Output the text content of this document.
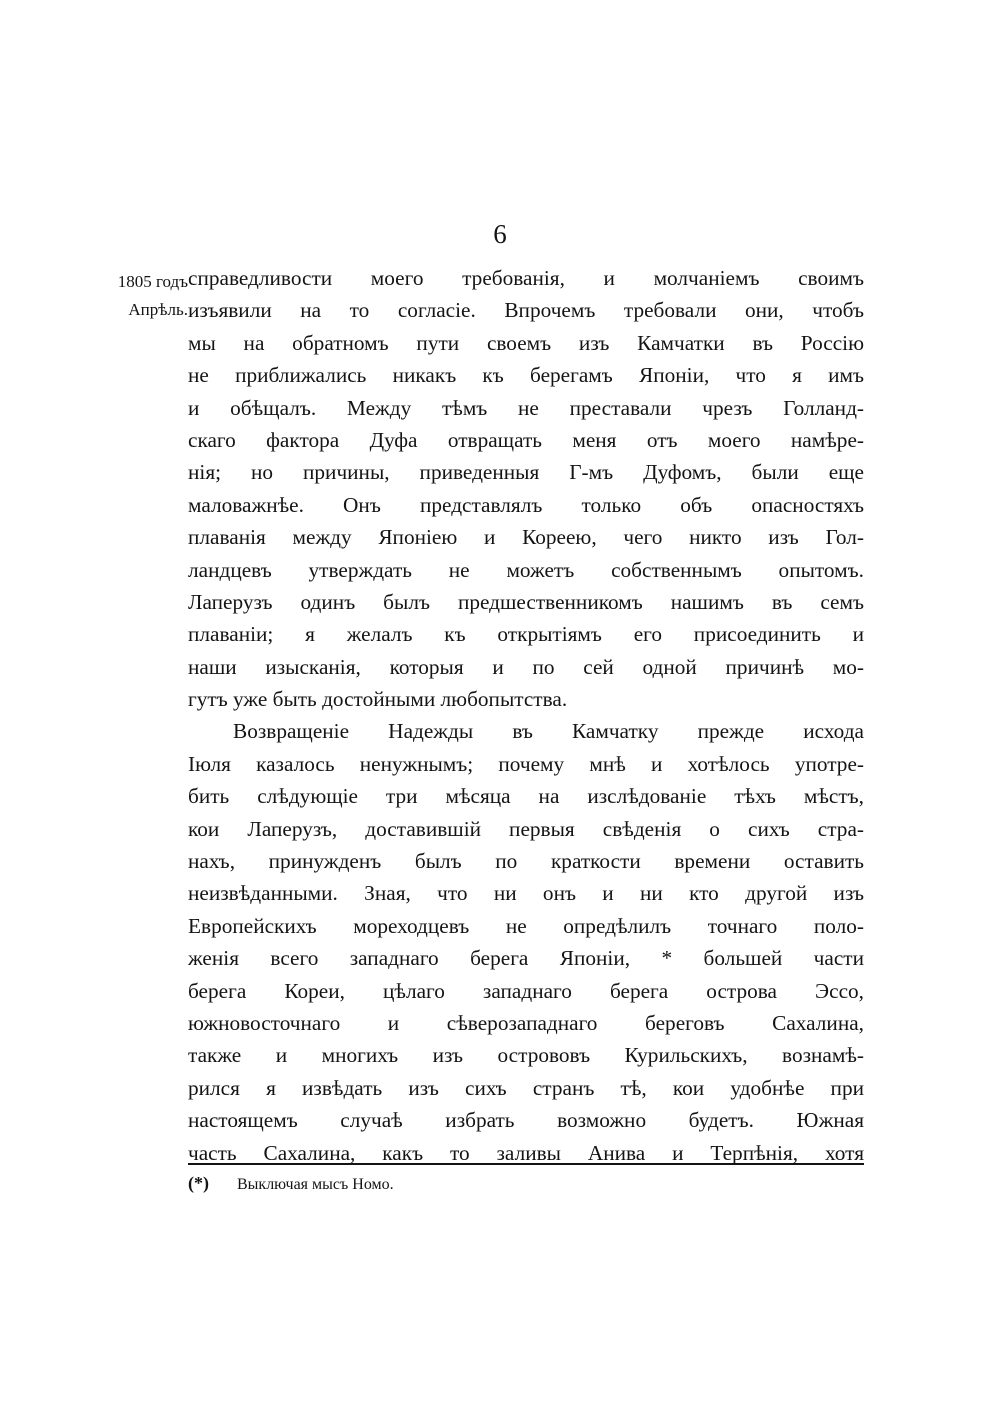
6
1805 годъ
Апрѣль.
справедливости моего требованія, и молчаніемъ своимъ
изъявили на то согласіе. Впрочемъ требовали они, чтобъ
мы на обратномъ пути своемъ изъ Камчатки въ Россію
не приближались никакъ къ берегамъ Японіи, что я имъ
и обѣщалъ. Между тѣмъ не преставали чрезъ Голланд-
скаго фактора Дуфа отвращать меня отъ моего намѣре-
нія; но причины, приведенныя Г-мъ Дуфомъ, были еще
маловажнѣе. Онъ представлялъ только объ опасностяхъ
плаванія между Японіею и Кореею, чего никто изъ Гол-
ландцевъ утверждать не можетъ собственнымъ опытомъ.
Лаперузъ одинъ былъ предшественникомъ нашимъ въ семъ
плаваніи; я желалъ къ открытіямъ его присоединить и
наши изысканія, которыя и по сей одной причинѣ мо-
гутъ уже быть достойными любопытства.
Возвращеніе Надежды въ Камчатку прежде исхода
Іюля казалось ненужнымъ; почему мнѣ и хотѣлось употре-
бить слѣдующіе три мѣсяца на изслѣдованіе тѣхъ мѣстъ,
кои Лаперузъ, доставившій первыя свѣденія о сихъ стра-
нахъ, принужденъ былъ по краткости времени оставить
неизвѣданными. Зная, что ни онъ и ни кто другой изъ
Европейскихъ мореходцевъ не опредѣлилъ точнаго поло-
женія всего западнаго берега Японіи, * большей части
берега Кореи, цѣлаго западнаго берега острова Эссо,
южновосточнаго и сѣверозападнаго береговъ Сахалина,
также и многихъ изъ острововъ Курильскихъ, вознамѣ-
рился я извѣдать изъ сихъ странъ тѣ, кои удобнѣе при
настоящемъ случаѣ избрать возможно будетъ. Южная
часть Сахалина, какъ то заливы Анива и Терпѣнія, хотя
(*) Выключая мысъ Номо.
